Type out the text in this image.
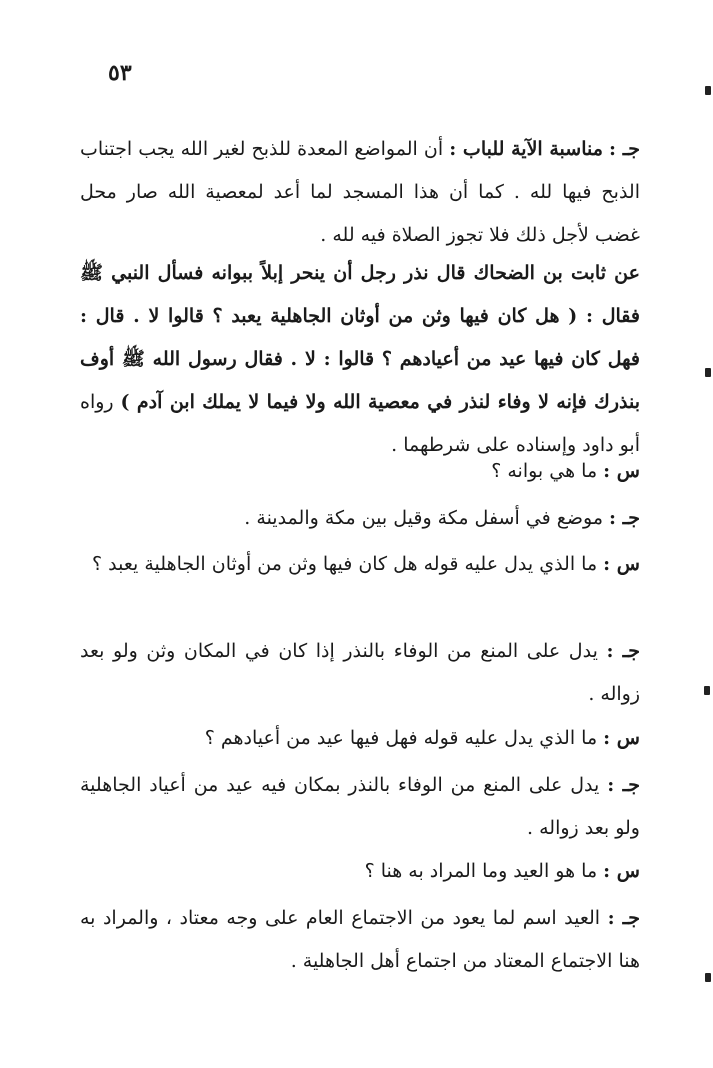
٥٣
جـ : مناسبة الآية للباب : أن المواضع المعدة للذبح لغير الله يجب اجتناب الذبح فيها لله . كما أن هذا المسجد لما أعد لمعصية الله صار محل غضب لأجل ذلك فلا تجوز الصلاة فيه لله .
عن ثابت بن الضحاك قال نذر رجل أن ينحر إبلاً ببوانه فسأل النبي ﷺ فقال : ( هل كان فيها وثن من أوثان الجاهلية يعبد ؟ قالوا لا . قال : فهل كان فيها عيد من أعيادهم ؟ قالوا : لا . فقال رسول الله ﷺ أوف بنذرك فإنه لا وفاء لنذر في معصية الله ولا فيما لا يملك ابن آدم ) رواه أبو داود وإسناده على شرطهما .
س : ما هي بوانه ؟
جـ : موضع في أسفل مكة وقيل بين مكة والمدينة .
س : ما الذي يدل عليه قوله هل كان فيها وثن من أوثان الجاهلية يعبد ؟
جـ : يدل على المنع من الوفاء بالنذر إذا كان في المكان وثن ولو بعد زواله .
س : ما الذي يدل عليه قوله فهل فيها عيد من أعيادهم ؟
جـ : يدل على المنع من الوفاء بالنذر بمكان فيه عيد من أعياد الجاهلية ولو بعد زواله .
س : ما هو العيد وما المراد به هنا ؟
جـ : العيد اسم لما يعود من الاجتماع العام على وجه معتاد ، والمراد به هنا الاجتماع المعتاد من اجتماع أهل الجاهلية .
